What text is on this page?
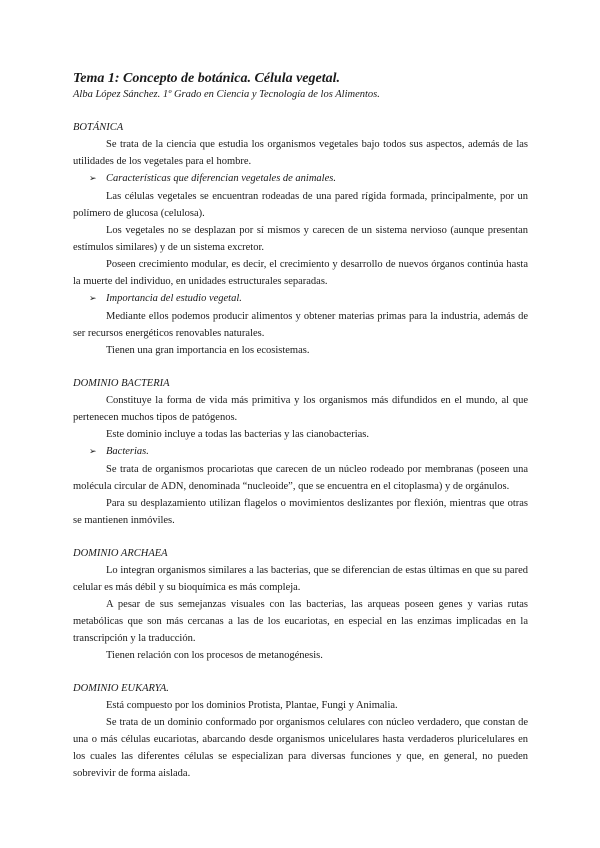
Tema 1: Concepto de botánica. Célula vegetal.

Alba López Sánchez. 1º Grado en Ciencia y Tecnología de los Alimentos.

BOTÁNICA

Se trata de la ciencia que estudia los organismos vegetales bajo todos sus aspectos, además de las utilidades de los vegetales para el hombre.

➢ Características que diferencian vegetales de animales.

Las células vegetales se encuentran rodeadas de una pared rígida formada, principalmente, por un polímero de glucosa (celulosa).

Los vegetales no se desplazan por sí mismos y carecen de un sistema nervioso (aunque presentan estímulos similares) y de un sistema excretor.

Poseen crecimiento modular, es decir, el crecimiento y desarrollo de nuevos órganos continúa hasta la muerte del individuo, en unidades estructurales separadas.

➢ Importancia del estudio vegetal.

Mediante ellos podemos producir alimentos y obtener materias primas para la industria, además de ser recursos energéticos renovables naturales.

Tienen una gran importancia en los ecosistemas.

DOMINIO BACTERIA

Constituye la forma de vida más primitiva y los organismos más difundidos en el mundo, al que pertenecen muchos tipos de patógenos.

Este dominio incluye a todas las bacterias y las cianobacterias.

➢ Bacterias.

Se trata de organismos procariotas que carecen de un núcleo rodeado por membranas (poseen una molécula circular de ADN, denominada “nucleoide”, que se encuentra en el citoplasma) y de orgánulos.

Para su desplazamiento utilizan flagelos o movimientos deslizantes por flexión, mientras que otras se mantienen inmóviles.

DOMINIO ARCHAEA

Lo integran organismos similares a las bacterias, que se diferencian de estas últimas en que su pared celular es más débil y su bioquímica es más compleja.

A pesar de sus semejanzas visuales con las bacterias, las arqueas poseen genes y varias rutas metabólicas que son más cercanas a las de los eucariotas, en especial en las enzimas implicadas en la transcripción y la traducción.

Tienen relación con los procesos de metanogénesis.

DOMINIO EUKARYA.

Está compuesto por los dominios Protista, Plantae, Fungi y Animalia.

Se trata de un dominio conformado por organismos celulares con núcleo verdadero, que constan de una o más células eucariotas, abarcando desde organismos unicelulares hasta verdaderos pluricelulares en los cuales las diferentes células se especializan para diversas funciones y que, en general, no pueden sobrevivir de forma aislada.
